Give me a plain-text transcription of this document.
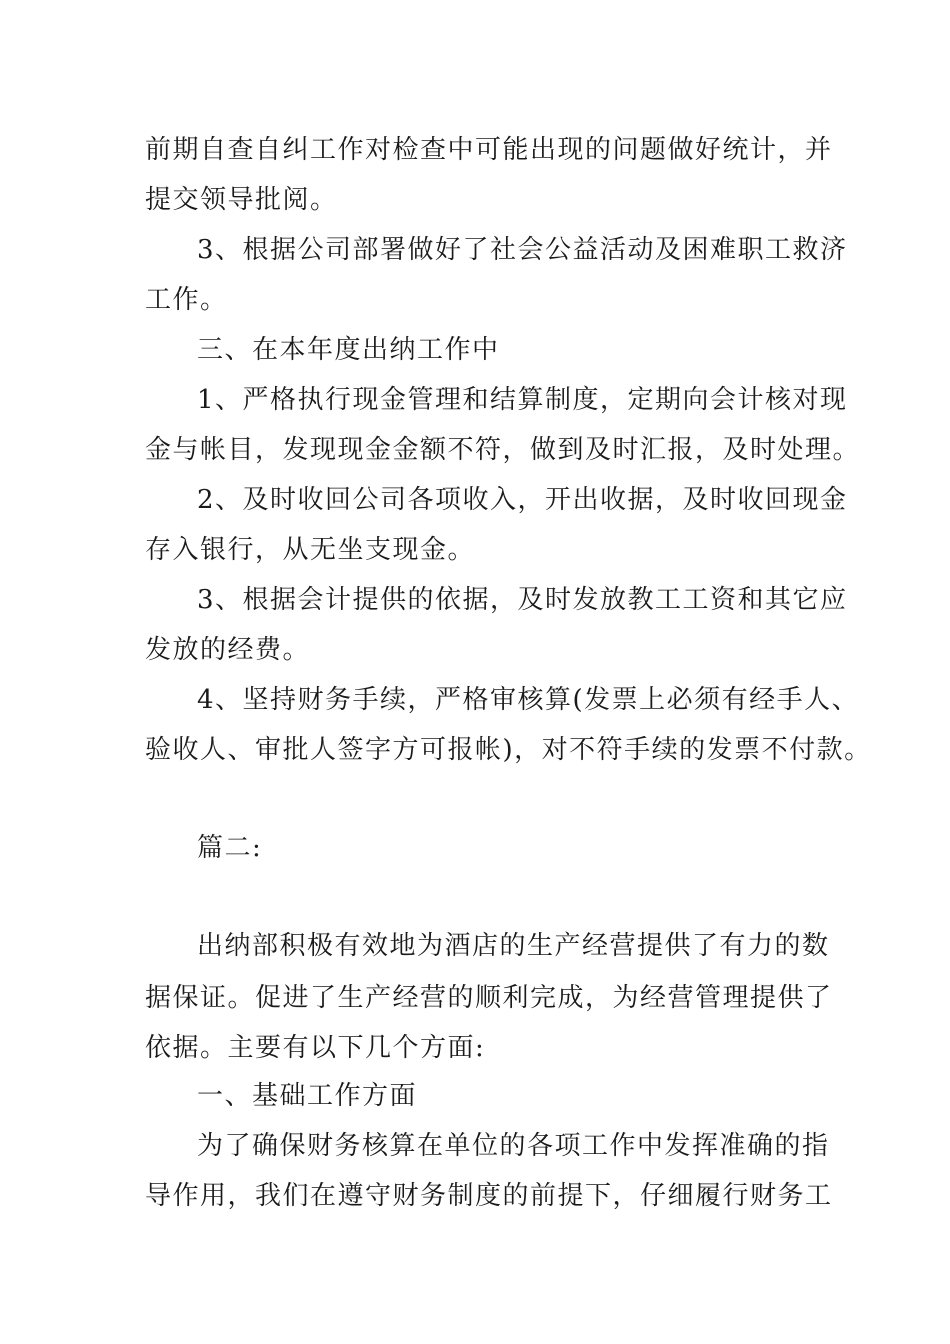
前期自查自纠工作对检查中可能出现的问题做好统计，并

提交领导批阅。

3、根据公司部署做好了社会公益活动及困难职工救济

工作。

三、在本年度出纳工作中

1、严格执行现金管理和结算制度，定期向会计核对现

金与帐目，发现现金金额不符，做到及时汇报，及时处理。

2、及时收回公司各项收入，开出收据，及时收回现金

存入银行，从无坐支现金。

3、根据会计提供的依据，及时发放教工工资和其它应

发放的经费。

4、坚持财务手续，严格审核算(发票上必须有经手人、

验收人、审批人签字方可报帐)，对不符手续的发票不付款。

篇二:

出纳部积极有效地为酒店的生产经营提供了有力的数

据保证。促进了生产经营的顺利完成，为经营管理提供了

依据。主要有以下几个方面:

一、基础工作方面

为了确保财务核算在单位的各项工作中发挥准确的指

导作用，我们在遵守财务制度的前提下，仔细履行财务工
